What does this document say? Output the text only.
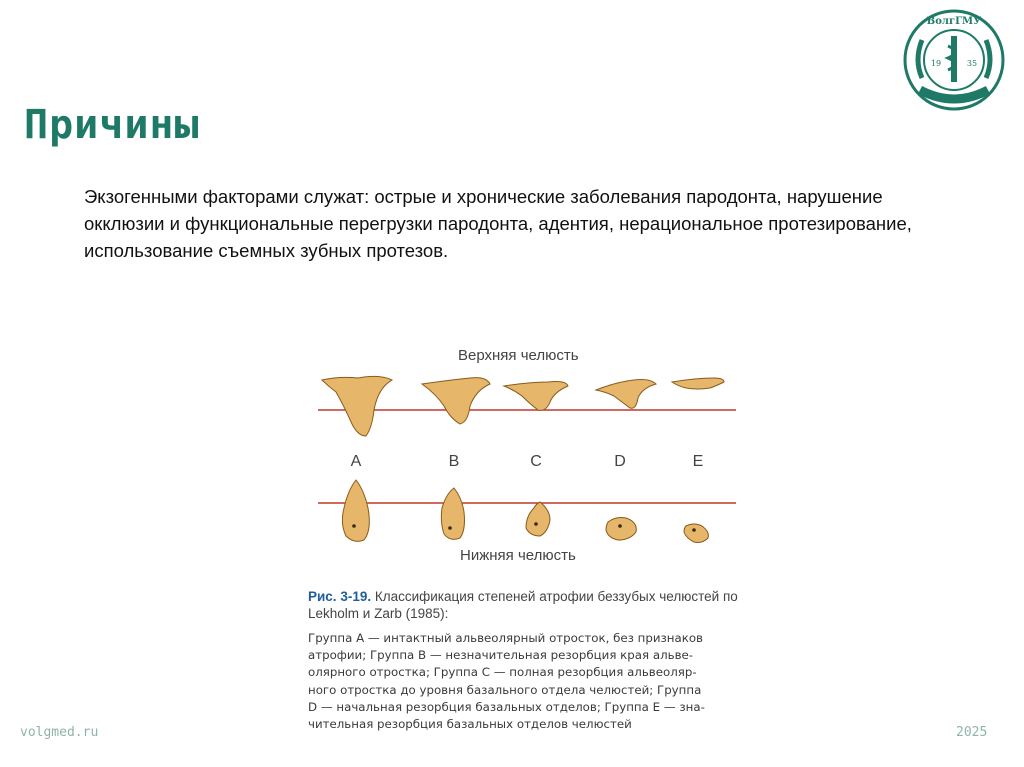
ВолгГМУ
19	35
Причины

Экзогенными факторами служат: острые и хронические заболевания пародонта, нарушение окклюзии и функциональные перегрузки пародонта, адентия, нерациональное протезирование, использование съемных зубных протезов.

A	B	C	D	E
Верхняя челюсть
Нижняя челюсть
Рис. 3-19. Классификация степеней атрофии беззубых челюстей по Lekholm и Zarb (1985):
Группа А — интактный альвеолярный отросток, без признаков
атрофии; Группа В — незначительная резорбция края альве-
олярного отростка; Группа С — полная резорбция альвеоляр-
ного отростка до уровня базального отдела челюстей; Группа
D — начальная резорбция базальных отделов; Группа Е — зна-
чительная резорбция базальных отделов челюстей
volgmed.ru	2025
